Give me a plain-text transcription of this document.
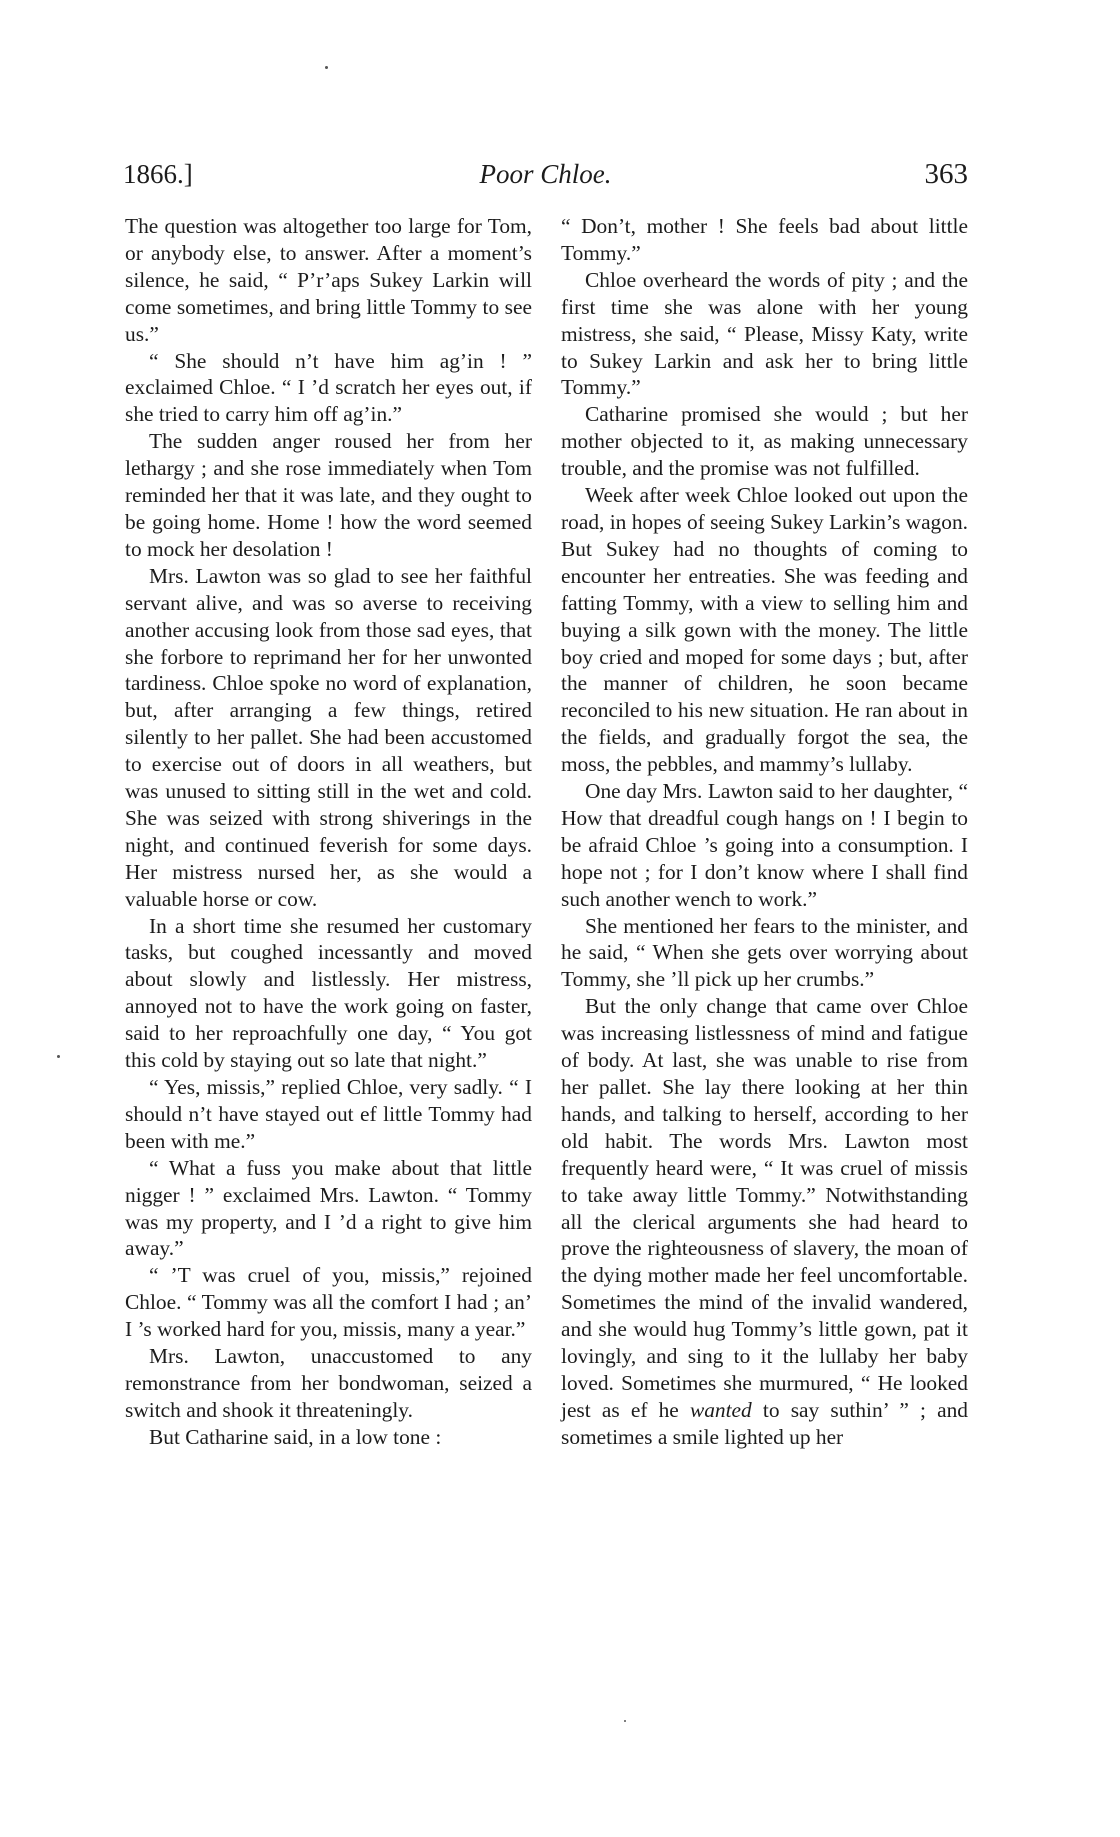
1866.]	Poor Chloe.	363

The question was altogether too large for Tom, or anybody else, to answer. After a moment’s silence, he said, “ P’r’aps Sukey Larkin will come sometimes, and bring little Tommy to see us.”

“ She should n’t have him ag’in ! ” exclaimed Chloe. “ I ’d scratch her eyes out, if she tried to carry him off ag’in.”

The sudden anger roused her from her lethargy ; and she rose immediately when Tom reminded her that it was late, and they ought to be going home. Home ! how the word seemed to mock her desolation !

Mrs. Lawton was so glad to see her faithful servant alive, and was so averse to receiving another accusing look from those sad eyes, that she forbore to reprimand her for her unwonted tardiness. Chloe spoke no word of explanation, but, after arranging a few things, retired silently to her pallet. She had been accustomed to exercise out of doors in all weathers, but was unused to sitting still in the wet and cold. She was seized with strong shiverings in the night, and continued feverish for some days. Her mistress nursed her, as she would a valuable horse or cow.

In a short time she resumed her customary tasks, but coughed incessantly and moved about slowly and listlessly. Her mistress, annoyed not to have the work going on faster, said to her reproachfully one day, “ You got this cold by staying out so late that night.”

“ Yes, missis,” replied Chloe, very sadly. “ I should n’t have stayed out ef little Tommy had been with me.”

“ What a fuss you make about that little nigger ! ” exclaimed Mrs. Lawton. “ Tommy was my property, and I ’d a right to give him away.”

“ ’T was cruel of you, missis,” rejoined Chloe. “ Tommy was all the comfort I had ; an’ I ’s worked hard for you, missis, many a year.”

Mrs. Lawton, unaccustomed to any remonstrance from her bondwoman, seized a switch and shook it threateningly.

But Catharine said, in a low tone :

“ Don’t, mother ! She feels bad about little Tommy.”

Chloe overheard the words of pity ; and the first time she was alone with her young mistress, she said, “ Please, Missy Katy, write to Sukey Larkin and ask her to bring little Tommy.”

Catharine promised she would ; but her mother objected to it, as making unnecessary trouble, and the promise was not fulfilled.

Week after week Chloe looked out upon the road, in hopes of seeing Sukey Larkin’s wagon. But Sukey had no thoughts of coming to encounter her entreaties. She was feeding and fatting Tommy, with a view to selling him and buying a silk gown with the money. The little boy cried and moped for some days ; but, after the manner of children, he soon became reconciled to his new situation. He ran about in the fields, and gradually forgot the sea, the moss, the pebbles, and mammy’s lullaby.

One day Mrs. Lawton said to her daughter, “ How that dreadful cough hangs on ! I begin to be afraid Chloe ’s going into a consumption. I hope not ; for I don’t know where I shall find such another wench to work.”

She mentioned her fears to the minister, and he said, “ When she gets over worrying about Tommy, she ’ll pick up her crumbs.”

But the only change that came over Chloe was increasing listlessness of mind and fatigue of body. At last, she was unable to rise from her pallet. She lay there looking at her thin hands, and talking to herself, according to her old habit. The words Mrs. Lawton most frequently heard were, “ It was cruel of missis to take away little Tommy.” Notwithstanding all the clerical arguments she had heard to prove the righteousness of slavery, the moan of the dying mother made her feel uncomfortable. Sometimes the mind of the invalid wandered, and she would hug Tommy’s little gown, pat it lovingly, and sing to it the lullaby her baby loved. Sometimes she murmured, “ He looked jest as ef he wanted to say suthin’ ” ; and sometimes a smile lighted up her
